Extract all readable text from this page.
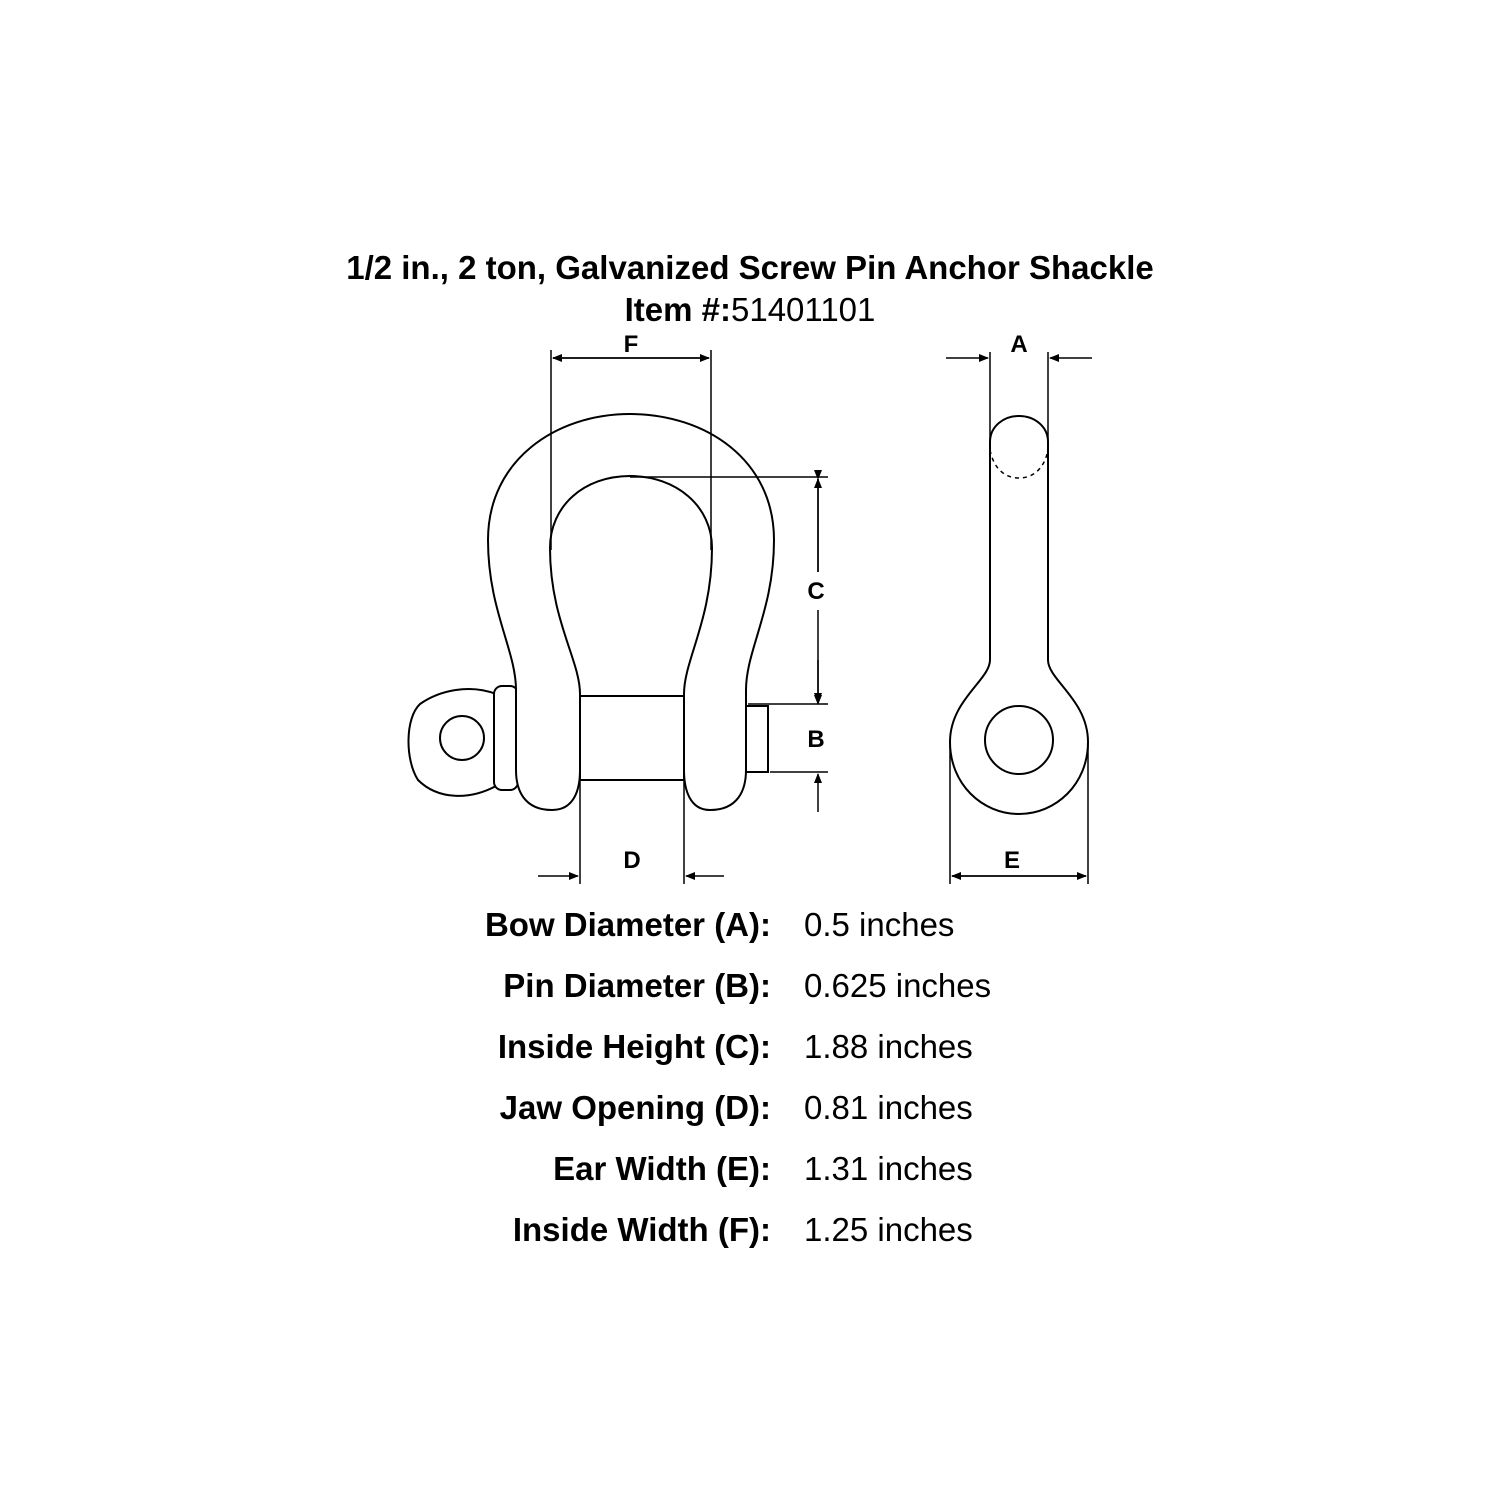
1/2 in., 2 ton, Galvanized Screw Pin Anchor Shackle
Item #:51401101
F
C
B
D
A
E
Bow Diameter (A): 0.5 inches
Pin Diameter (B): 0.625 inches
Inside Height (C): 1.88 inches
Jaw Opening (D): 0.81 inches
Ear Width (E): 1.31 inches
Inside Width (F): 1.25 inches
